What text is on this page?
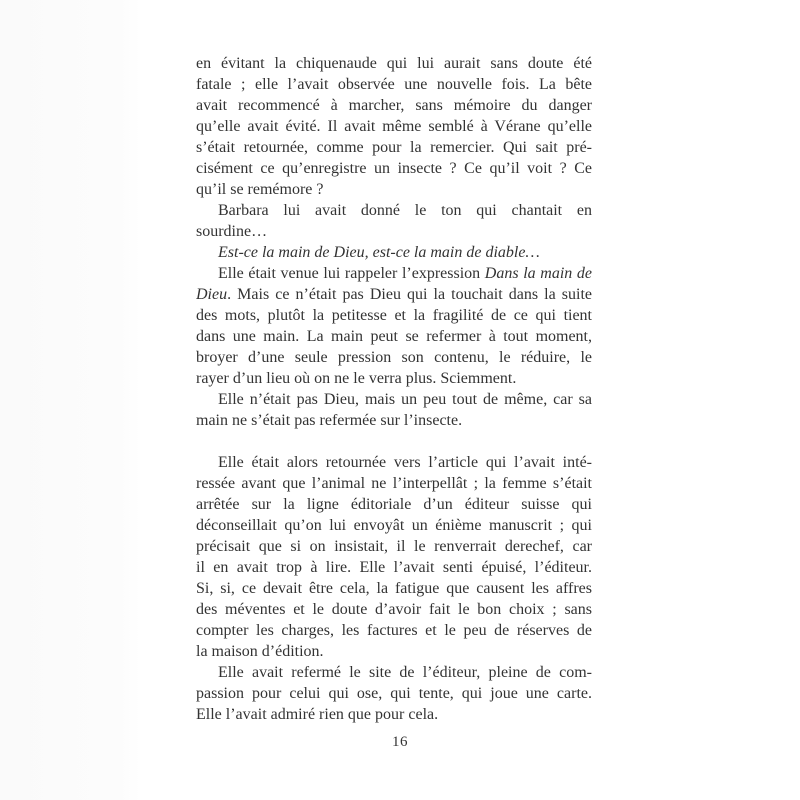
en évitant la chiquenaude qui lui aurait sans doute été
fatale ; elle l’avait observée une nouvelle fois. La bête
avait recommencé à marcher, sans mémoire du danger
qu’elle avait évité. Il avait même semblé à Vérane qu’elle
s’était retournée, comme pour la remercier. Qui sait pré-
cisément ce qu’enregistre un insecte ? Ce qu’il voit ? Ce
qu’il se remémore ?
Barbara lui avait donné le ton qui chantait en
sourdine…
Est-ce la main de Dieu, est-ce la main de diable…
Elle était venue lui rappeler l’expression Dans la main de
Dieu. Mais ce n’était pas Dieu qui la touchait dans la suite
des mots, plutôt la petitesse et la fragilité de ce qui tient
dans une main. La main peut se refermer à tout moment,
broyer d’une seule pression son contenu, le réduire, le
rayer d’un lieu où on ne le verra plus. Sciemment.
Elle n’était pas Dieu, mais un peu tout de même, car sa
main ne s’était pas refermée sur l’insecte.
Elle était alors retournée vers l’article qui l’avait inté-
ressée avant que l’animal ne l’interpellât ; la femme s’était
arrêtée sur la ligne éditoriale d’un éditeur suisse qui
déconseillait qu’on lui envoyât un énième manuscrit ; qui
précisait que si on insistait, il le renverrait derechef, car
il en avait trop à lire. Elle l’avait senti épuisé, l’éditeur.
Si, si, ce devait être cela, la fatigue que causent les affres
des méventes et le doute d’avoir fait le bon choix ; sans
compter les charges, les factures et le peu de réserves de
la maison d’édition.
Elle avait refermé le site de l’éditeur, pleine de com-
passion pour celui qui ose, qui tente, qui joue une carte.
Elle l’avait admiré rien que pour cela.
16
